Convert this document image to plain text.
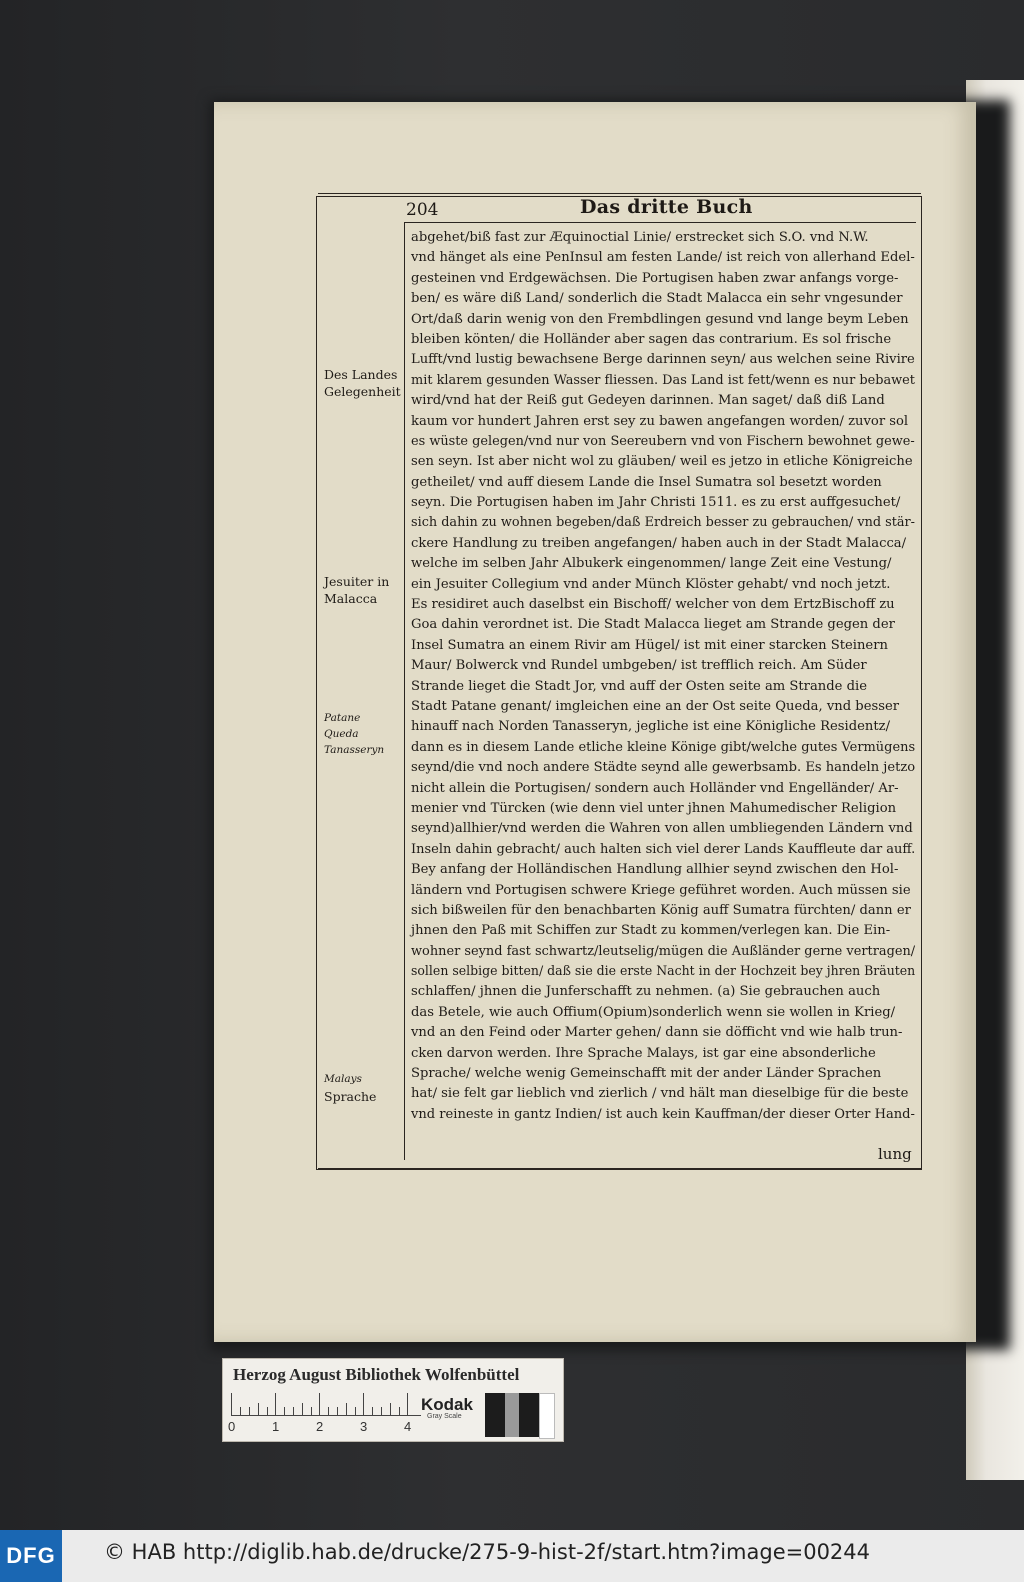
204	Das dritte Buch
abgehet/biß fast zur Æquinoctial Linie/ erstrecket sich S.O. vnd N.W.
vnd hänget als eine PenInsul am festen Lande/ ist reich von allerhand Edel-
gesteinen vnd Erdgewächsen. Die Portugisen haben zwar anfangs vorge-
ben/ es wäre diß Land/ sonderlich die Stadt Malacca ein sehr vngesunder
Ort/daß darin wenig von den Frembdlingen gesund vnd lange beym Leben
bleiben könten/ die Holländer aber sagen das contrarium. Es sol frische
Lufft/vnd lustig bewachsene Berge darinnen seyn/ aus welchen seine Rivire
mit klarem gesunden Wasser fliessen. Das Land ist fett/wenn es nur bebawet
wird/vnd hat der Reiß gut Gedeyen darinnen. Man saget/ daß diß Land
kaum vor hundert Jahren erst sey zu bawen angefangen worden/ zuvor sol
es wüste gelegen/vnd nur von Seereubern vnd von Fischern bewohnet gewe-
sen seyn. Ist aber nicht wol zu gläuben/ weil es jetzo in etliche Königreiche
getheilet/ vnd auff diesem Lande die Insel Sumatra sol besetzt worden
seyn. Die Portugisen haben im Jahr Christi 1511. es zu erst auffgesuchet/
sich dahin zu wohnen begeben/daß Erdreich besser zu gebrauchen/ vnd stär-
ckere Handlung zu treiben angefangen/ haben auch in der Stadt Malacca/
welche im selben Jahr Albukerk eingenommen/ lange Zeit eine Vestung/
ein Jesuiter Collegium vnd ander Münch Klöster gehabt/ vnd noch jetzt.
Es residiret auch daselbst ein Bischoff/ welcher von dem ErtzBischoff zu
Goa dahin verordnet ist. Die Stadt Malacca lieget am Strande gegen der
Insel Sumatra an einem Rivir am Hügel/ ist mit einer starcken Steinern
Maur/ Bolwerck vnd Rundel umbgeben/ ist trefflich reich. Am Süder
Strande lieget die Stadt Jor, vnd auff der Osten seite am Strande die
Stadt Patane genant/ imgleichen eine an der Ost seite Queda, vnd besser
hinauff nach Norden Tanasseryn, jegliche ist eine Königliche Residentz/
dann es in diesem Lande etliche kleine Könige gibt/welche gutes Vermügens
seynd/die vnd noch andere Städte seynd alle gewerbsamb. Es handeln jetzo
nicht allein die Portugisen/ sondern auch Holländer vnd Engelländer/ Ar-
menier vnd Türcken (wie denn viel unter jhnen Mahumedischer Religion
seynd)allhier/vnd werden die Wahren von allen umbliegenden Ländern vnd
Inseln dahin gebracht/ auch halten sich viel derer Lands Kauffleute dar auff.
Bey anfang der Holländischen Handlung allhier seynd zwischen den Hol-
ländern vnd Portugisen schwere Kriege geführet worden. Auch müssen sie
sich bißweilen für den benachbarten König auff Sumatra fürchten/ dann er
jhnen den Paß mit Schiffen zur Stadt zu kommen/verlegen kan. Die Ein-
wohner seynd fast schwartz/leutselig/mügen die Außländer gerne vertragen/
sollen selbige bitten/ daß sie die erste Nacht in der Hochzeit bey jhren Bräuten
schlaffen/ jhnen die Junferschafft zu nehmen. (a) Sie gebrauchen auch
das Betele, wie auch Offium(Opium)sonderlich wenn sie wollen in Krieg/
vnd an den Feind oder Marter gehen/ dann sie döfficht vnd wie halb trun-
cken darvon werden. Ihre Sprache Malays, ist gar eine absonderliche
Sprache/ welche wenig Gemeinschafft mit der ander Länder Sprachen
hat/ sie felt gar lieblich vnd zierlich / vnd hält man dieselbige für die beste
vnd reineste in gantz Indien/ ist auch kein Kauffman/der dieser Orter Hand-
lung
Des Landes
Gelegenheit
Jesuiter in
Malacca
Patane
Queda
Tanasseryn
Malays
Sprache
Herzog August Bibliothek Wolfenbüttel
0	1	2	3	4
Kodak
Gray Scale
DFG © HAB http://diglib.hab.de/drucke/275-9-hist-2f/start.htm?image=00244
